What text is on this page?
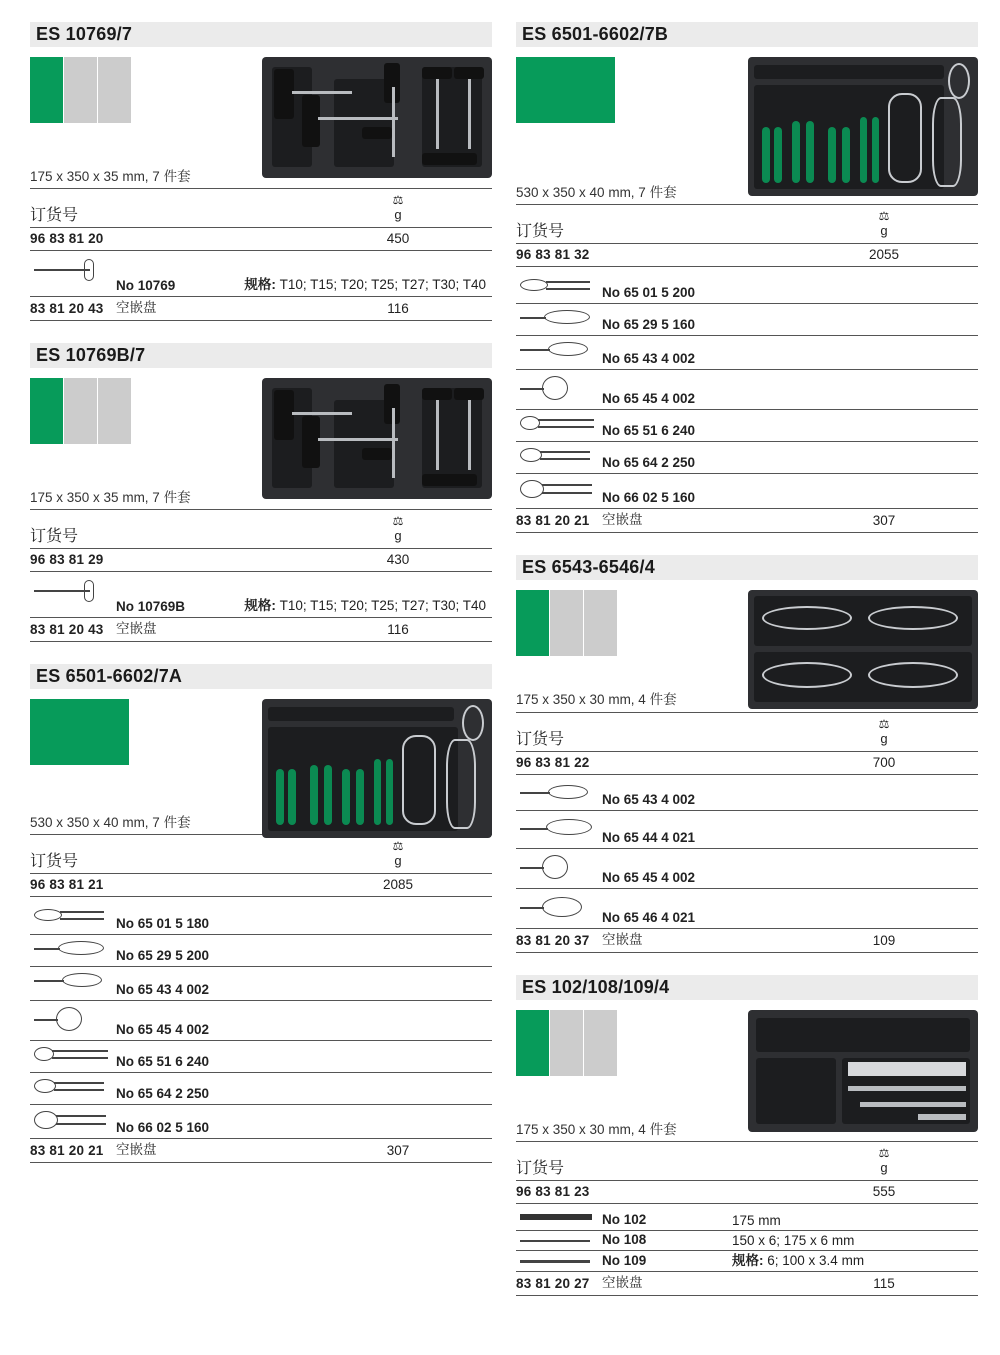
ES 10769/7
175 x 350 x 35 mm, 7 件套
订货号
⚖
g
96 83 81 20	450
No 10769	规格: T10; T15; T20; T25; T27; T30; T40
83 81 20 43 空嵌盘	116
ES 10769B/7
175 x 350 x 35 mm, 7 件套
订货号
⚖
g
96 83 81 29	430
No 10769B	规格: T10; T15; T20; T25; T27; T30; T40
83 81 20 43 空嵌盘	116
ES 6501-6602/7A
530 x 350 x 40 mm, 7 件套
订货号
⚖
g
96 83 81 21	2085
No 65 01 5 180
No 65 29 5 200
No 65 43 4 002
No 65 45 4 002
No 65 51 6 240
No 65 64 2 250
No 66 02 5 160
83 81 20 21 空嵌盘	307
ES 6501-6602/7B
530 x 350 x 40 mm, 7 件套
订货号
⚖
g
96 83 81 32	2055
No 65 01 5 200
No 65 29 5 160
No 65 43 4 002
No 65 45 4 002
No 65 51 6 240
No 65 64 2 250
No 66 02 5 160
83 81 20 21 空嵌盘	307
ES 6543-6546/4
175 x 350 x 30 mm, 4 件套
订货号
⚖
g
96 83 81 22	700
No 65 43 4 002
No 65 44 4 021
No 65 45 4 002
No 65 46 4 021
83 81 20 37 空嵌盘	109
ES 102/108/109/4
175 x 350 x 30 mm, 4 件套
订货号
⚖
g
96 83 81 23	555
No 102	175 mm
No 108	150 x 6; 175 x 6 mm
No 109	规格: 6; 100 x 3.4 mm
83 81 20 27 空嵌盘	115
